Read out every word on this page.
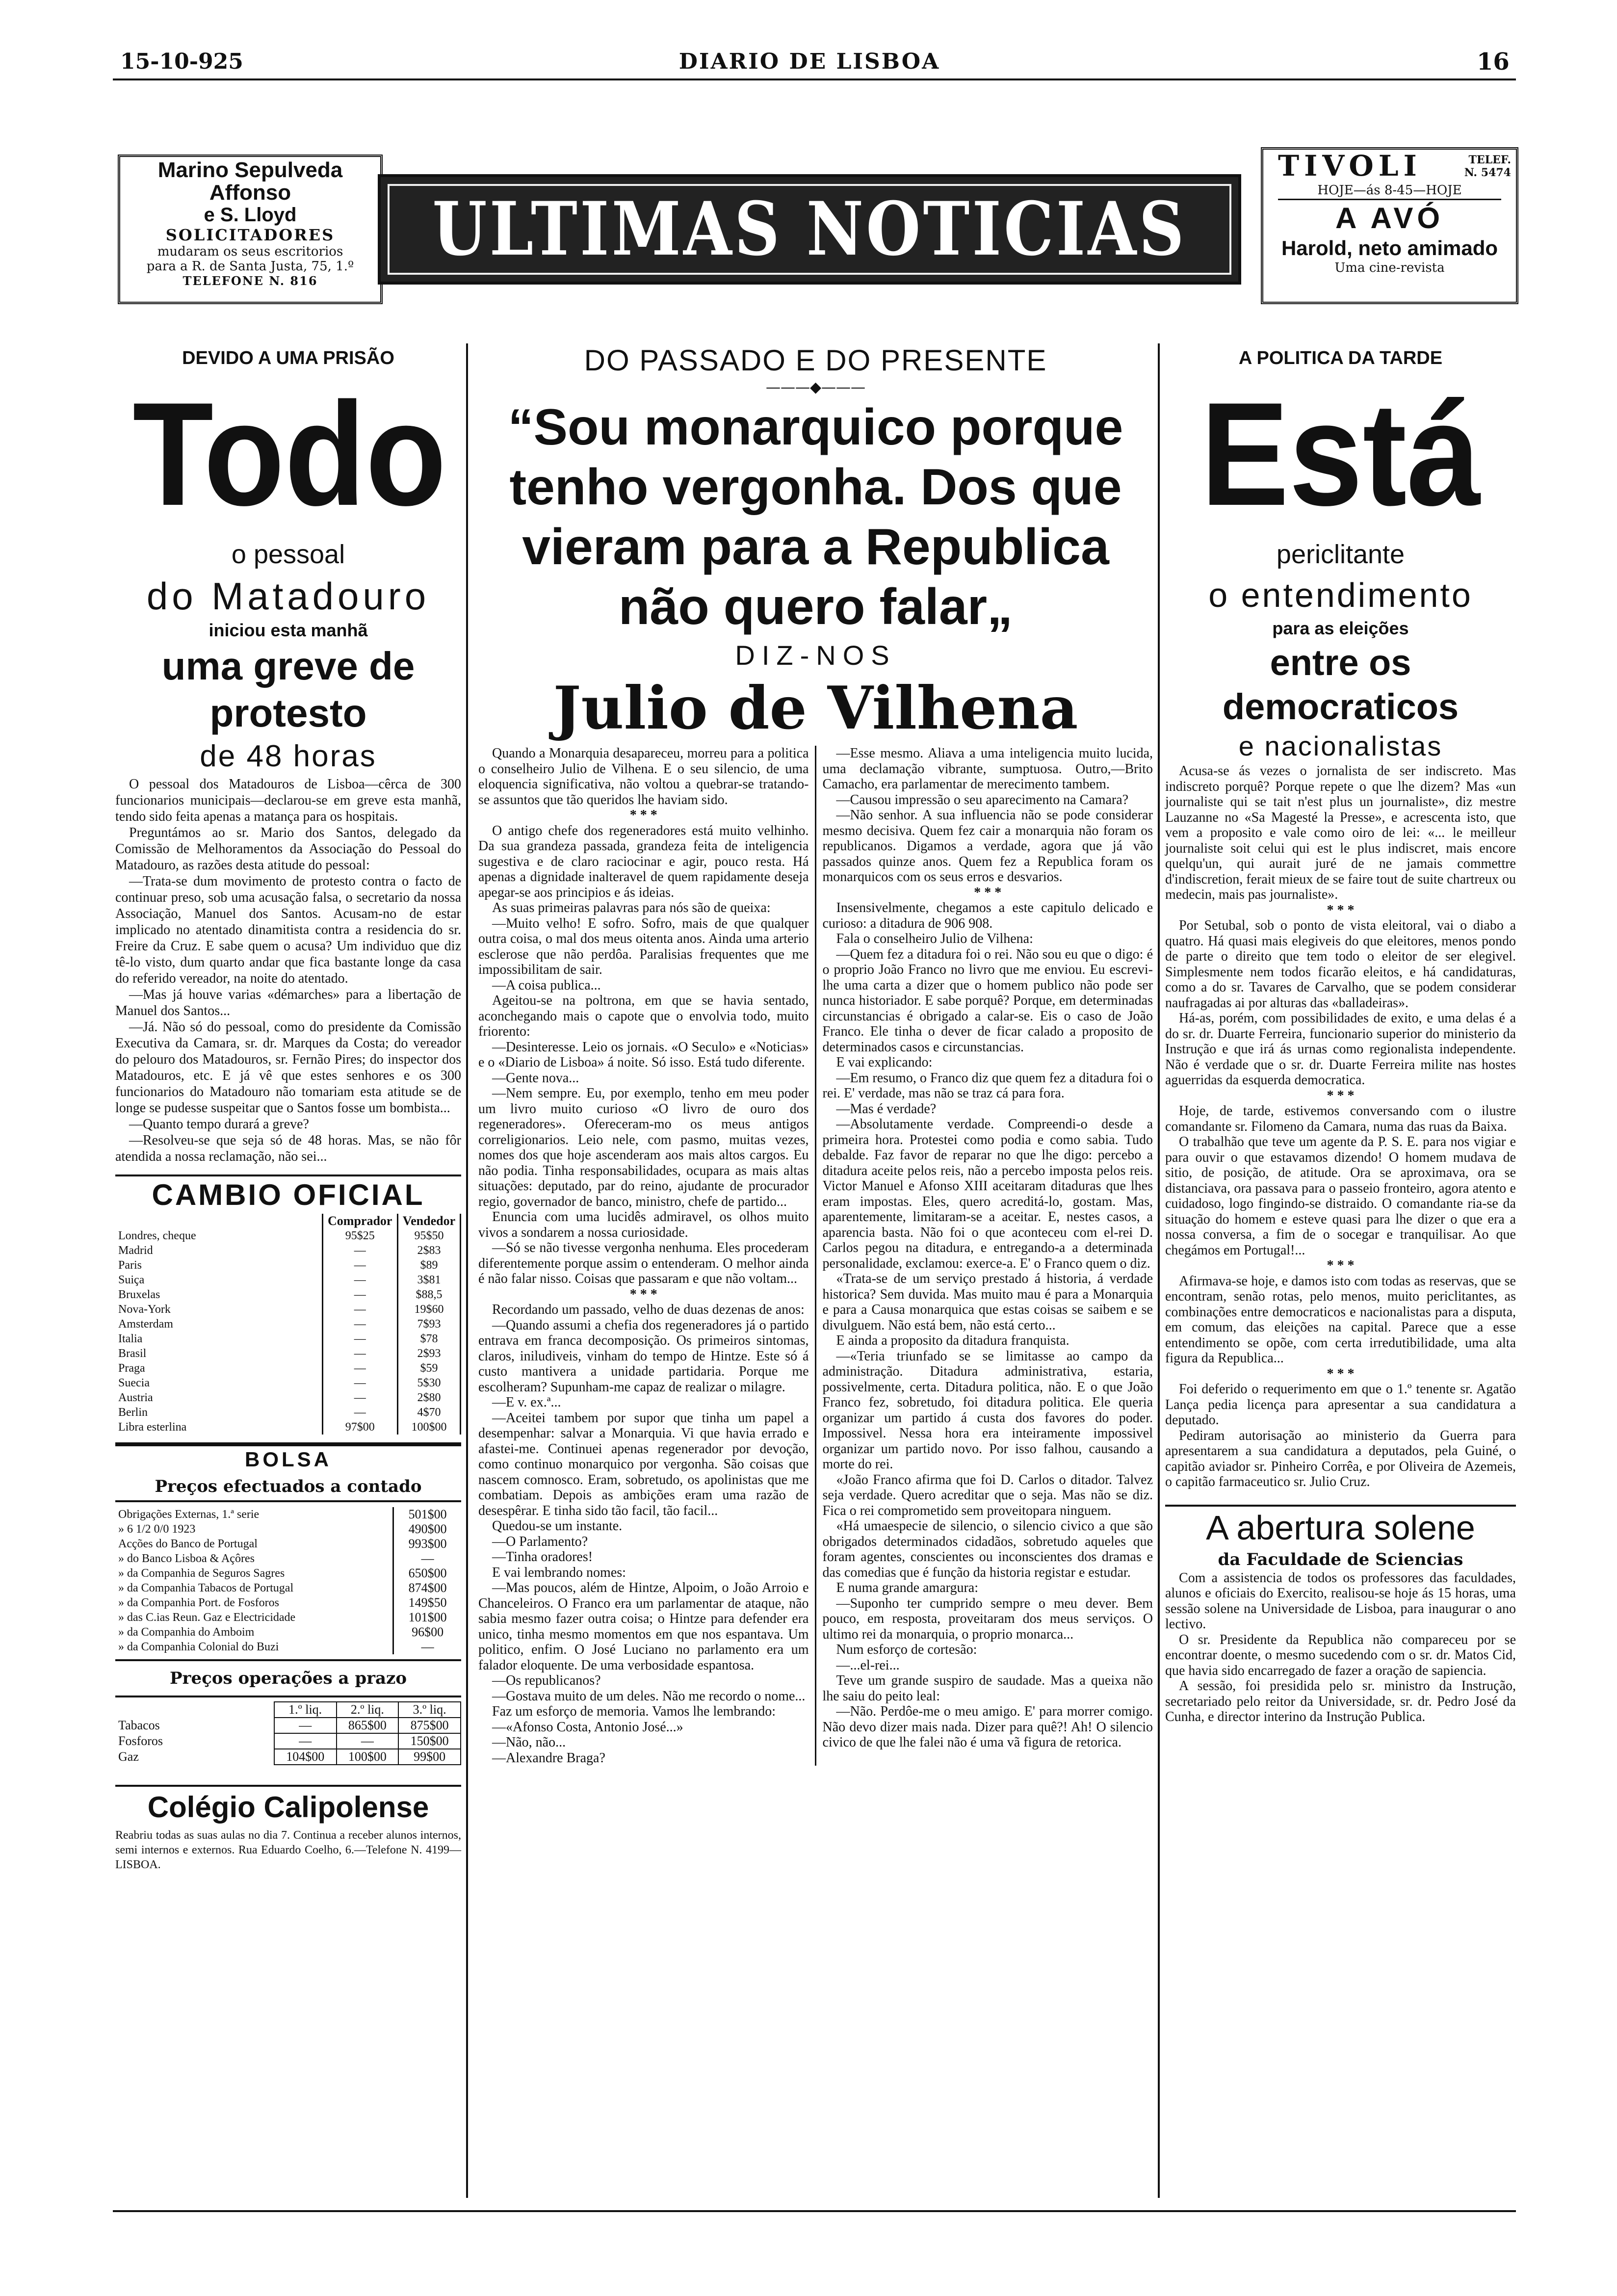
15-10-925	DIARIO DE LISBOA	16
Marino Sepulveda Affonso
e S. Lloyd
SOLICITADORES
mudaram os seus escritorios
para a R. de Santa Justa, 75, 1.º
TELEFONE N. 816
ULTIMAS NOTICIAS
TIVOLI	TELEF.
N. 5474
HOJE—ás 8-45—HOJE
A AVÓ
Harold, neto amimado
Uma cine-revista
DEVIDO A UMA PRISÃO
Todo
o pessoal
do Matadouro
iniciou esta manhã
uma greve de protesto
de 48 horas

O pessoal dos Matadouros de Lisboa—cêrca de 300 funcionarios municipais—declarou-se em greve esta manhã, tendo sido feita apenas a matança para os hospitais.

Preguntámos ao sr. Mario dos Santos, delegado da Comissão de Melhoramentos da Associação do Pessoal do Matadouro, as razões desta atitude do pessoal:

—Trata-se dum movimento de protesto contra o facto de continuar preso, sob uma acusação falsa, o secretario da nossa Associação, Manuel dos Santos. Acusam-no de estar implicado no atentado dinamitista contra a residencia do sr. Freire da Cruz. E sabe quem o acusa? Um individuo que diz tê-lo visto, dum quarto andar que fica bastante longe da casa do referido vereador, na noite do atentado.

—Mas já houve varias «démarches» para a libertação de Manuel dos Santos...

—Já. Não só do pessoal, como do presidente da Comissão Executiva da Camara, sr. dr. Marques da Costa; do vereador do pelouro dos Matadouros, sr. Fernão Pires; do inspector dos Matadouros, etc. E já vê que estes senhores e os 300 funcionarios do Matadouro não tomariam esta atitude se de longe se pudesse suspeitar que o Santos fosse um bombista...

—Quanto tempo durará a greve?

—Resolveu-se que seja só de 48 horas. Mas, se não fôr atendida a nossa reclamação, não sei...

CAMBIO OFICIAL
	Comprador	Vendedor
Londres, cheque	95$25	95$50
Madrid	—	2$83
Paris	—	$89
Suiça	—	3$81
Bruxelas	—	$88,5
Nova-York	—	19$60
Amsterdam	—	7$93
Italia	—	$78
Brasil	—	2$93
Praga	—	$59
Suecia	—	5$30
Austria	—	2$80
Berlin	—	4$70
Libra esterlina	97$00	100$00
BOLSA
Preços efectuados a contado
Obrigações Externas, 1.ª serie	501$00
» 6 1/2 0/0 1923	490$00
Acções do Banco de Portugal	993$00
» do Banco Lisboa & Açôres	—
» da Companhia de Seguros Sagres	650$00
» da Companhia Tabacos de Portugal	874$00
» da Companhia Port. de Fosforos	149$50
» das C.ias Reun. Gaz e Electricidade	101$00
» da Companhia do Amboim	96$00
» da Companhia Colonial do Buzi	—
Preços operações a prazo
	1.º liq.	2.º liq.	3.º liq.
Tabacos	—	865$00	875$00
Fosforos	—	—	150$00
Gaz	104$00	100$00	99$00
Colégio Calipolense
Reabriu todas as suas aulas no dia 7. Continua a receber alunos internos, semi internos e externos. Rua Eduardo Coelho, 6.—Telefone N. 4199—LISBOA.
DO PASSADO E DO PRESENTE
———◆———
“Sou monarquico porque tenho vergonha. Dos que vieram para a Republica não quero falar„
DIZ-NOS
Julio de Vilhena

Quando a Monarquia desapareceu, morreu para a politica o conselheiro Julio de Vilhena. E o seu silencio, de uma eloquencia significativa, não voltou a quebrar-se tratando-se assuntos que tão queridos lhe haviam sido.

* * *

O antigo chefe dos regeneradores está muito velhinho. Da sua grandeza passada, grandeza feita de inteligencia sugestiva e de claro raciocinar e agir, pouco resta. Há apenas a dignidade inalteravel de quem rapidamente deseja apegar-se aos principios e ás ideias.

As suas primeiras palavras para nós são de queixa:

—Muito velho! E sofro. Sofro, mais de que qualquer outra coisa, o mal dos meus oitenta anos. Ainda uma arterio esclerose que não perdôa. Paralisias frequentes que me impossibilitam de sair.

—A coisa publica...

Ageitou-se na poltrona, em que se havia sentado, aconchegando mais o capote que o envolvia todo, muito friorento:

—Desinteresse. Leio os jornais. «O Seculo» e «Noticias» e o «Diario de Lisboa» á noite. Só isso. Está tudo diferente.

—Gente nova...

—Nem sempre. Eu, por exemplo, tenho em meu poder um livro muito curioso «O livro de ouro dos regeneradores». Ofereceram-mo os meus antigos correligionarios. Leio nele, com pasmo, muitas vezes, nomes dos que hoje ascenderam aos mais altos cargos. Eu não podia. Tinha responsabilidades, ocupara as mais altas situações: deputado, par do reino, ajudante de procurador regio, governador de banco, ministro, chefe de partido...

Enuncia com uma lucidês admiravel, os olhos muito vivos a sondarem a nossa curiosidade.

—Só se não tivesse vergonha nenhuma. Eles procederam diferentemente porque assim o entenderam. O melhor ainda é não falar nisso. Coisas que passaram e que não voltam...

* * *

Recordando um passado, velho de duas dezenas de anos:

—Quando assumi a chefia dos regeneradores já o partido entrava em franca decomposição. Os primeiros sintomas, claros, iniludiveis, vinham do tempo de Hintze. Este só á custo mantivera a unidade partidaria. Porque me escolheram? Supunham-me capaz de realizar o milagre.

—E v. ex.ª...

—Aceitei tambem por supor que tinha um papel a desempenhar: salvar a Monarquia. Vi que havia errado e afastei-me. Continuei apenas regenerador por devoção, como continuo monarquico por vergonha. São coisas que nascem comnosco. Eram, sobretudo, os apolinistas que me combatiam. Depois as ambições eram uma razão de desespêrar. E tinha sido tão facil, tão facil...

Quedou-se um instante.

—O Parlamento?

—Tinha oradores!

E vai lembrando nomes:

—Mas poucos, além de Hintze, Alpoim, o João Arroio e Chanceleiros. O Franco era um parlamentar de ataque, não sabia mesmo fazer outra coisa; o Hintze para defender era unico, tinha mesmo momentos em que nos espantava. Um politico, enfim. O José Luciano no parlamento era um falador eloquente. De uma verbosidade espantosa.

—Os republicanos?

—Gostava muito de um deles. Não me recordo o nome...

Faz um esforço de memoria. Vamos lhe lembrando:

—«Afonso Costa, Antonio José...»

—Não, não...

—Alexandre Braga?

—Esse mesmo. Aliava a uma inteligencia muito lucida, uma declamação vibrante, sumptuosa. Outro,—Brito Camacho, era parlamentar de merecimento tambem.

—Causou impressão o seu aparecimento na Camara?

—Não senhor. A sua influencia não se pode considerar mesmo decisiva. Quem fez cair a monarquia não foram os republicanos. Digamos a verdade, agora que já vão passados quinze anos. Quem fez a Republica foram os monarquicos com os seus erros e desvarios.

* * *

Insensivelmente, chegamos a este capitulo delicado e curioso: a ditadura de 906 908.

Fala o conselheiro Julio de Vilhena:

—Quem fez a ditadura foi o rei. Não sou eu que o digo: é o proprio João Franco no livro que me enviou. Eu escrevi-lhe uma carta a dizer que o homem publico não pode ser nunca historiador. E sabe porquê? Porque, em determinadas circunstancias é obrigado a calar-se. Eis o caso de João Franco. Ele tinha o dever de ficar calado a proposito de determinados casos e circunstancias.

E vai explicando:

—Em resumo, o Franco diz que quem fez a ditadura foi o rei. E' verdade, mas não se traz cá para fora.

—Mas é verdade?

—Absolutamente verdade. Compreendi-o desde a primeira hora. Protestei como podia e como sabia. Tudo debalde. Faz favor de reparar no que lhe digo: percebo a ditadura aceite pelos reis, não a percebo imposta pelos reis. Victor Manuel e Afonso XIII aceitaram ditaduras que lhes eram impostas. Eles, quero acreditá-lo, gostam. Mas, aparentemente, limitaram-se a aceitar. E, nestes casos, a aparencia basta. Não foi o que aconteceu com el-rei D. Carlos pegou na ditadura, e entregando-a a determinada personalidade, exclamou: exerce-a. E' o Franco quem o diz.

«Trata-se de um serviço prestado á historia, á verdade historica? Sem duvida. Mas muito mau é para a Monarquia e para a Causa monarquica que estas coisas se saibem e se divulguem. Não está bem, não está certo...

E ainda a proposito da ditadura franquista.

—«Teria triunfado se se limitasse ao campo da administração. Ditadura administrativa, estaria, possivelmente, certa. Ditadura politica, não. E o que João Franco fez, sobretudo, foi ditadura politica. Ele queria organizar um partido á custa dos favores do poder. Impossivel. Nessa hora era inteiramente impossivel organizar um partido novo. Por isso falhou, causando a morte do rei.

«João Franco afirma que foi D. Carlos o ditador. Talvez seja verdade. Quero acreditar que o seja. Mas não se diz. Fica o rei comprometido sem proveitopara ninguem.

«Há umaespecie de silencio, o silencio civico a que são obrigados determinados cidadãos, sobretudo aqueles que foram agentes, conscientes ou inconscientes dos dramas e das comedias que é função da historia registar e estudar.

E numa grande amargura:

—Suponho ter cumprido sempre o meu dever. Bem pouco, em resposta, proveitaram dos meus serviços. O ultimo rei da monarquia, o proprio monarca...

Num esforço de cortesão:

—...el-rei...

Teve um grande suspiro de saudade. Mas a queixa não lhe saiu do peito leal:

—Não. Perdôe-me o meu amigo. E' para morrer comigo. Não devo dizer mais nada. Dizer para quê?! Ah! O silencio civico de que lhe falei não é uma vã figura de retorica.

A POLITICA DA TARDE
Está
periclitante
o entendimento
para as eleições
entre os democraticos
e nacionalistas

Acusa-se ás vezes o jornalista de ser indiscreto. Mas indiscreto porquê? Porque repete o que lhe dizem? Mas «un journaliste qui se tait n'est plus un journaliste», diz mestre Lauzanne no «Sa Magesté la Presse», e acrescenta isto, que vem a proposito e vale como oiro de lei: «... le meilleur journaliste soit celui qui est le plus indiscret, mais encore quelqu'un, qui aurait juré de ne jamais commettre d'indiscretion, ferait mieux de se faire tout de suite chartreux ou medecin, mais pas journaliste».

* * *

Por Setubal, sob o ponto de vista eleitoral, vai o diabo a quatro. Há quasi mais elegiveis do que eleitores, menos pondo de parte o direito que tem todo o eleitor de ser elegivel. Simplesmente nem todos ficarão eleitos, e há candidaturas, como a do sr. Tavares de Carvalho, que se podem considerar naufragadas ai por alturas das «balladeiras».

Há-as, porém, com possibilidades de exito, e uma delas é a do sr. dr. Duarte Ferreira, funcionario superior do ministerio da Instrução e que irá ás urnas como regionalista independente. Não é verdade que o sr. dr. Duarte Ferreira milite nas hostes aguerridas da esquerda democratica.

* * *

Hoje, de tarde, estivemos conversando com o ilustre comandante sr. Filomeno da Camara, numa das ruas da Baixa.

O trabalhão que teve um agente da P. S. E. para nos vigiar e para ouvir o que estavamos dizendo! O homem mudava de sitio, de posição, de atitude. Ora se aproximava, ora se distanciava, ora passava para o passeio fronteiro, agora atento e cuidadoso, logo fingindo-se distraido. O comandante ria-se da situação do homem e esteve quasi para lhe dizer o que era a nossa conversa, a fim de o socegar e tranquilisar. Ao que chegámos em Portugal!...

* * *

Afirmava-se hoje, e damos isto com todas as reservas, que se encontram, senão rotas, pelo menos, muito periclitantes, as combinações entre democraticos e nacionalistas para a disputa, em comum, das eleições na capital. Parece que a esse entendimento se opõe, com certa irredutibilidade, uma alta figura da Republica...

* * *

Foi deferido o requerimento em que o 1.º tenente sr. Agatão Lança pedia licença para apresentar a sua candidatura a deputado.

Pediram autorisação ao ministerio da Guerra para apresentarem a sua candidatura a deputados, pela Guiné, o capitão aviador sr. Pinheiro Corrêa, e por Oliveira de Azemeis, o capitão farmaceutico sr. Julio Cruz.

A abertura solene
da Faculdade de Sciencias

Com a assistencia de todos os professores das faculdades, alunos e oficiais do Exercito, realisou-se hoje ás 15 horas, uma sessão solene na Universidade de Lisboa, para inaugurar o ano lectivo.

O sr. Presidente da Republica não compareceu por se encontrar doente, o mesmo sucedendo com o sr. dr. Matos Cid, que havia sido encarregado de fazer a oração de sapiencia.

A sessão, foi presidida pelo sr. ministro da Instrução, secretariado pelo reitor da Universidade, sr. dr. Pedro José da Cunha, e director interino da Instrução Publica.
